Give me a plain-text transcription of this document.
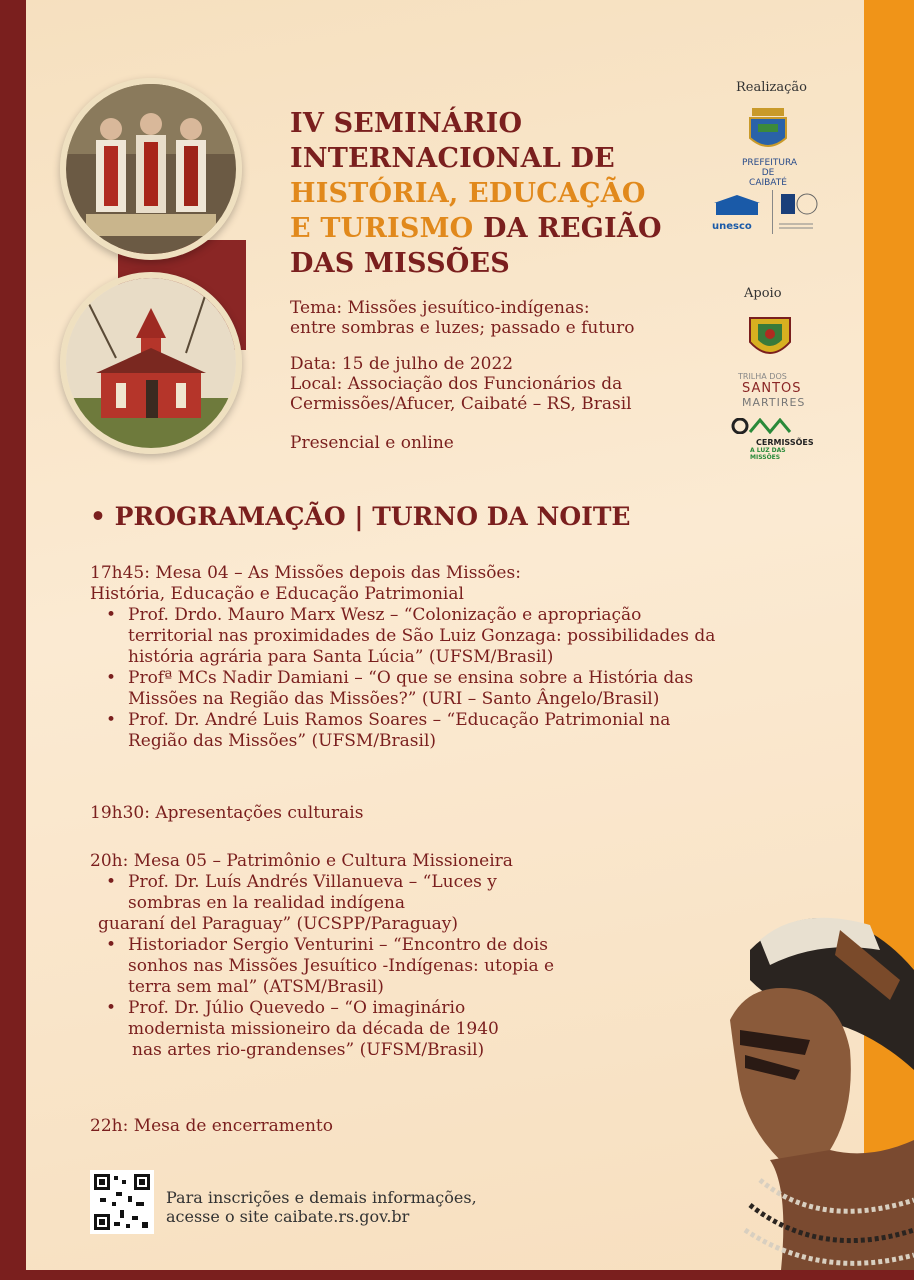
IV SEMINÁRIO
INTERNACIONAL DE
HISTÓRIA, EDUCAÇÃO
E TURISMO DA REGIÃO
DAS MISSÕES
Tema: Missões jesuítico-indígenas:
entre sombras e luzes; passado e futuro
Data: 15 de julho de 2022
Local: Associação dos Funcionários da
Cermissões/Afucer, Caibaté – RS, Brasil
Presencial e online
Realização
PREFEITURA
DE CAIBATÉ
unesco
Apoio
TRILHA DOS
SANTOS
MARTIRES
CERMISSÕES
A LUZ DAS MISSÕES
• PROGRAMAÇÃO | TURNO DA NOITE
17h45: Mesa 04 – As Missões depois das Missões:
História, Educação e Educação Patrimonial
• Prof. Drdo. Mauro Marx Wesz – “Colonização e apropriação
territorial nas proximidades de São Luiz Gonzaga: possibilidades da
história agrária para Santa Lúcia” (UFSM/Brasil)
• Profª MCs Nadir Damiani – “O que se ensina sobre a História das
Missões na Região das Missões?” (URI – Santo Ângelo/Brasil)
• Prof. Dr. André Luis Ramos Soares – “Educação Patrimonial na
Região das Missões” (UFSM/Brasil)
19h30: Apresentações culturais
20h: Mesa 05 – Patrimônio e Cultura Missioneira
• Prof. Dr. Luís Andrés Villanueva – “Luces y
sombras en la realidad indígena
guaraní del Paraguay” (UCSPP/Paraguay)
• Historiador Sergio Venturini – “Encontro de dois
sonhos nas Missões Jesuítico -Indígenas: utopia e
terra sem mal” (ATSM/Brasil)
• Prof. Dr. Júlio Quevedo – “O imaginário
modernista missioneiro da década de 1940
nas artes rio-grandenses” (UFSM/Brasil)
22h: Mesa de encerramento
Para inscrições e demais informações,
acesse o site caibate.rs.gov.br
